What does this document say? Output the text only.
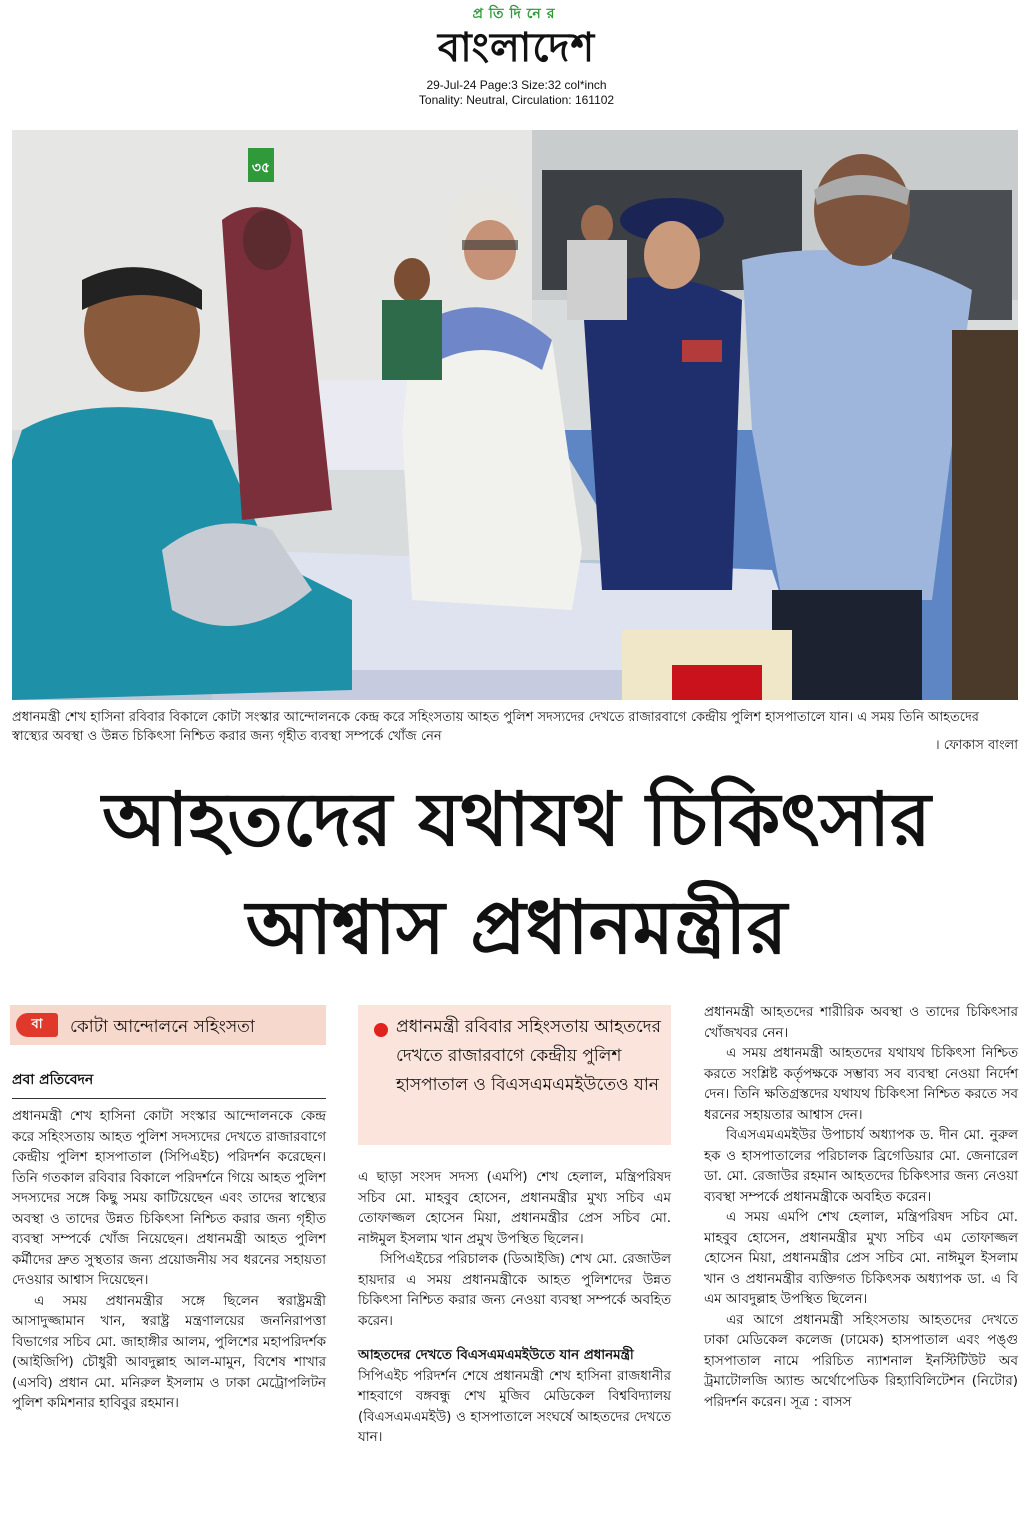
প্রতিদিনের
বাংলাদেশ
29-Jul-24 Page:3 Size:32 col*inch
Tonality: Neutral, Circulation: 161102
৩৫
প্রধানমন্ত্রী শেখ হাসিনা রবিবার বিকালে কোটা সংস্কার আন্দোলনকে কেন্দ্র করে সহিংসতায় আহত পুলিশ সদস্যদের দেখতে রাজারবাগে কেন্দ্রীয় পুলিশ হাসপাতালে যান। এ সময় তিনি আহতদের স্বাস্থ্যের অবস্থা ও উন্নত চিকিৎসা নিশ্চিত করার জন্য গৃহীত ব্যবস্থা সম্পর্কে খোঁজ নেন
। ফোকাস বাংলা
আহতদের যথাযথ চিকিৎসার
আশ্বাস প্রধানমন্ত্রীর
বা	কোটা আন্দোলনে সহিংসতা
প্রবা প্রতিবেদন

প্রধানমন্ত্রী শেখ হাসিনা কোটা সংস্কার আন্দোলনকে কেন্দ্র করে সহিংসতায় আহত পুলিশ সদস্যদের দেখতে রাজারবাগে কেন্দ্রীয় পুলিশ হাসপাতাল (সিপিএইচ) পরিদর্শন করেছেন। তিনি গতকাল রবিবার বিকালে পরিদর্শনে গিয়ে আহত পুলিশ সদস্যদের সঙ্গে কিছু সময় কাটিয়েছেন এবং তাদের স্বাস্থ্যের অবস্থা ও তাদের উন্নত চিকিৎসা নিশ্চিত করার জন্য গৃহীত ব্যবস্থা সম্পর্কে খোঁজ নিয়েছেন। প্রধানমন্ত্রী আহত পুলিশ কর্মীদের দ্রুত সুস্থতার জন্য প্রয়োজনীয় সব ধরনের সহায়তা দেওয়ার আশ্বাস দিয়েছেন।

এ সময় প্রধানমন্ত্রীর সঙ্গে ছিলেন স্বরাষ্ট্রমন্ত্রী আসাদুজ্জামান খান, স্বরাষ্ট্র মন্ত্রণালয়ের জননিরাপত্তা বিভাগের সচিব মো. জাহাঙ্গীর আলম, পুলিশের মহাপরিদর্শক (আইজিপি) চৌধুরী আবদুল্লাহ আল-মামুন, বিশেষ শাখার (এসবি) প্রধান মো. মনিরুল ইসলাম ও ঢাকা মেট্রোপলিটন পুলিশ কমিশনার হাবিবুর রহমান।

প্রধানমন্ত্রী রবিবার সহিংসতায় আহতদের দেখতে রাজারবাগে কেন্দ্রীয় পুলিশ হাসপাতাল ও বিএসএমএমইউতেও যান

এ ছাড়া সংসদ সদস্য (এমপি) শেখ হেলাল, মন্ত্রিপরিষদ সচিব মো. মাহবুব হোসেন, প্রধানমন্ত্রীর মুখ্য সচিব এম তোফাজ্জল হোসেন মিয়া, প্রধানমন্ত্রীর প্রেস সচিব মো. নাঈমুল ইসলাম খান প্রমুখ উপস্থিত ছিলেন।

সিপিএইচের পরিচালক (ডিআইজি) শেখ মো. রেজাউল হায়দার এ সময় প্রধানমন্ত্রীকে আহত পুলিশদের উন্নত চিকিৎসা নিশ্চিত করার জন্য নেওয়া ব্যবস্থা সম্পর্কে অবহিত করেন।

আহতদের দেখতে বিএসএমএমইউতে যান প্রধানমন্ত্রী

সিপিএইচ পরিদর্শন শেষে প্রধানমন্ত্রী শেখ হাসিনা রাজধানীর শাহবাগে বঙ্গবন্ধু শেখ মুজিব মেডিকেল বিশ্ববিদ্যালয় (বিএসএমএমইউ) ও হাসপাতালে সংঘর্ষে আহতদের দেখতে যান।

প্রধানমন্ত্রী আহতদের শারীরিক অবস্থা ও তাদের চিকিৎসার খোঁজখবর নেন।

এ সময় প্রধানমন্ত্রী আহতদের যথাযথ চিকিৎসা নিশ্চিত করতে সংশ্লিষ্ট কর্তৃপক্ষকে সম্ভাব্য সব ব্যবস্থা নেওয়া নির্দেশ দেন। তিনি ক্ষতিগ্রস্তদের যথাযথ চিকিৎসা নিশ্চিত করতে সব ধরনের সহায়তার আশ্বাস দেন।

বিএসএমএমইউর উপাচার্য অধ্যাপক ড. দীন মো. নুরুল হক ও হাসপাতালের পরিচালক ব্রিগেডিয়ার মো. জেনারেল ডা. মো. রেজাউর রহমান আহতদের চিকিৎসার জন্য নেওয়া ব্যবস্থা সম্পর্কে প্রধানমন্ত্রীকে অবহিত করেন।

এ সময় এমপি শেখ হেলাল, মন্ত্রিপরিষদ সচিব মো. মাহবুব হোসেন, প্রধানমন্ত্রীর মুখ্য সচিব এম তোফাজ্জল হোসেন মিয়া, প্রধানমন্ত্রীর প্রেস সচিব মো. নাঈমুল ইসলাম খান ও প্রধানমন্ত্রীর ব্যক্তিগত চিকিৎসক অধ্যাপক ডা. এ বি এম আবদুল্লাহ উপস্থিত ছিলেন।

এর আগে প্রধানমন্ত্রী সহিংসতায় আহতদের দেখতে ঢাকা মেডিকেল কলেজ (ঢামেক) হাসপাতাল এবং পঙ্গু হাসপাতাল নামে পরিচিত ন্যাশনাল ইনস্টিটিউট অব ট্রমাটোলজি অ্যান্ড অর্থোপেডিক রিহ্যাবিলিটেশন (নিটোর) পরিদর্শন করেন। সূত্র : বাসস
